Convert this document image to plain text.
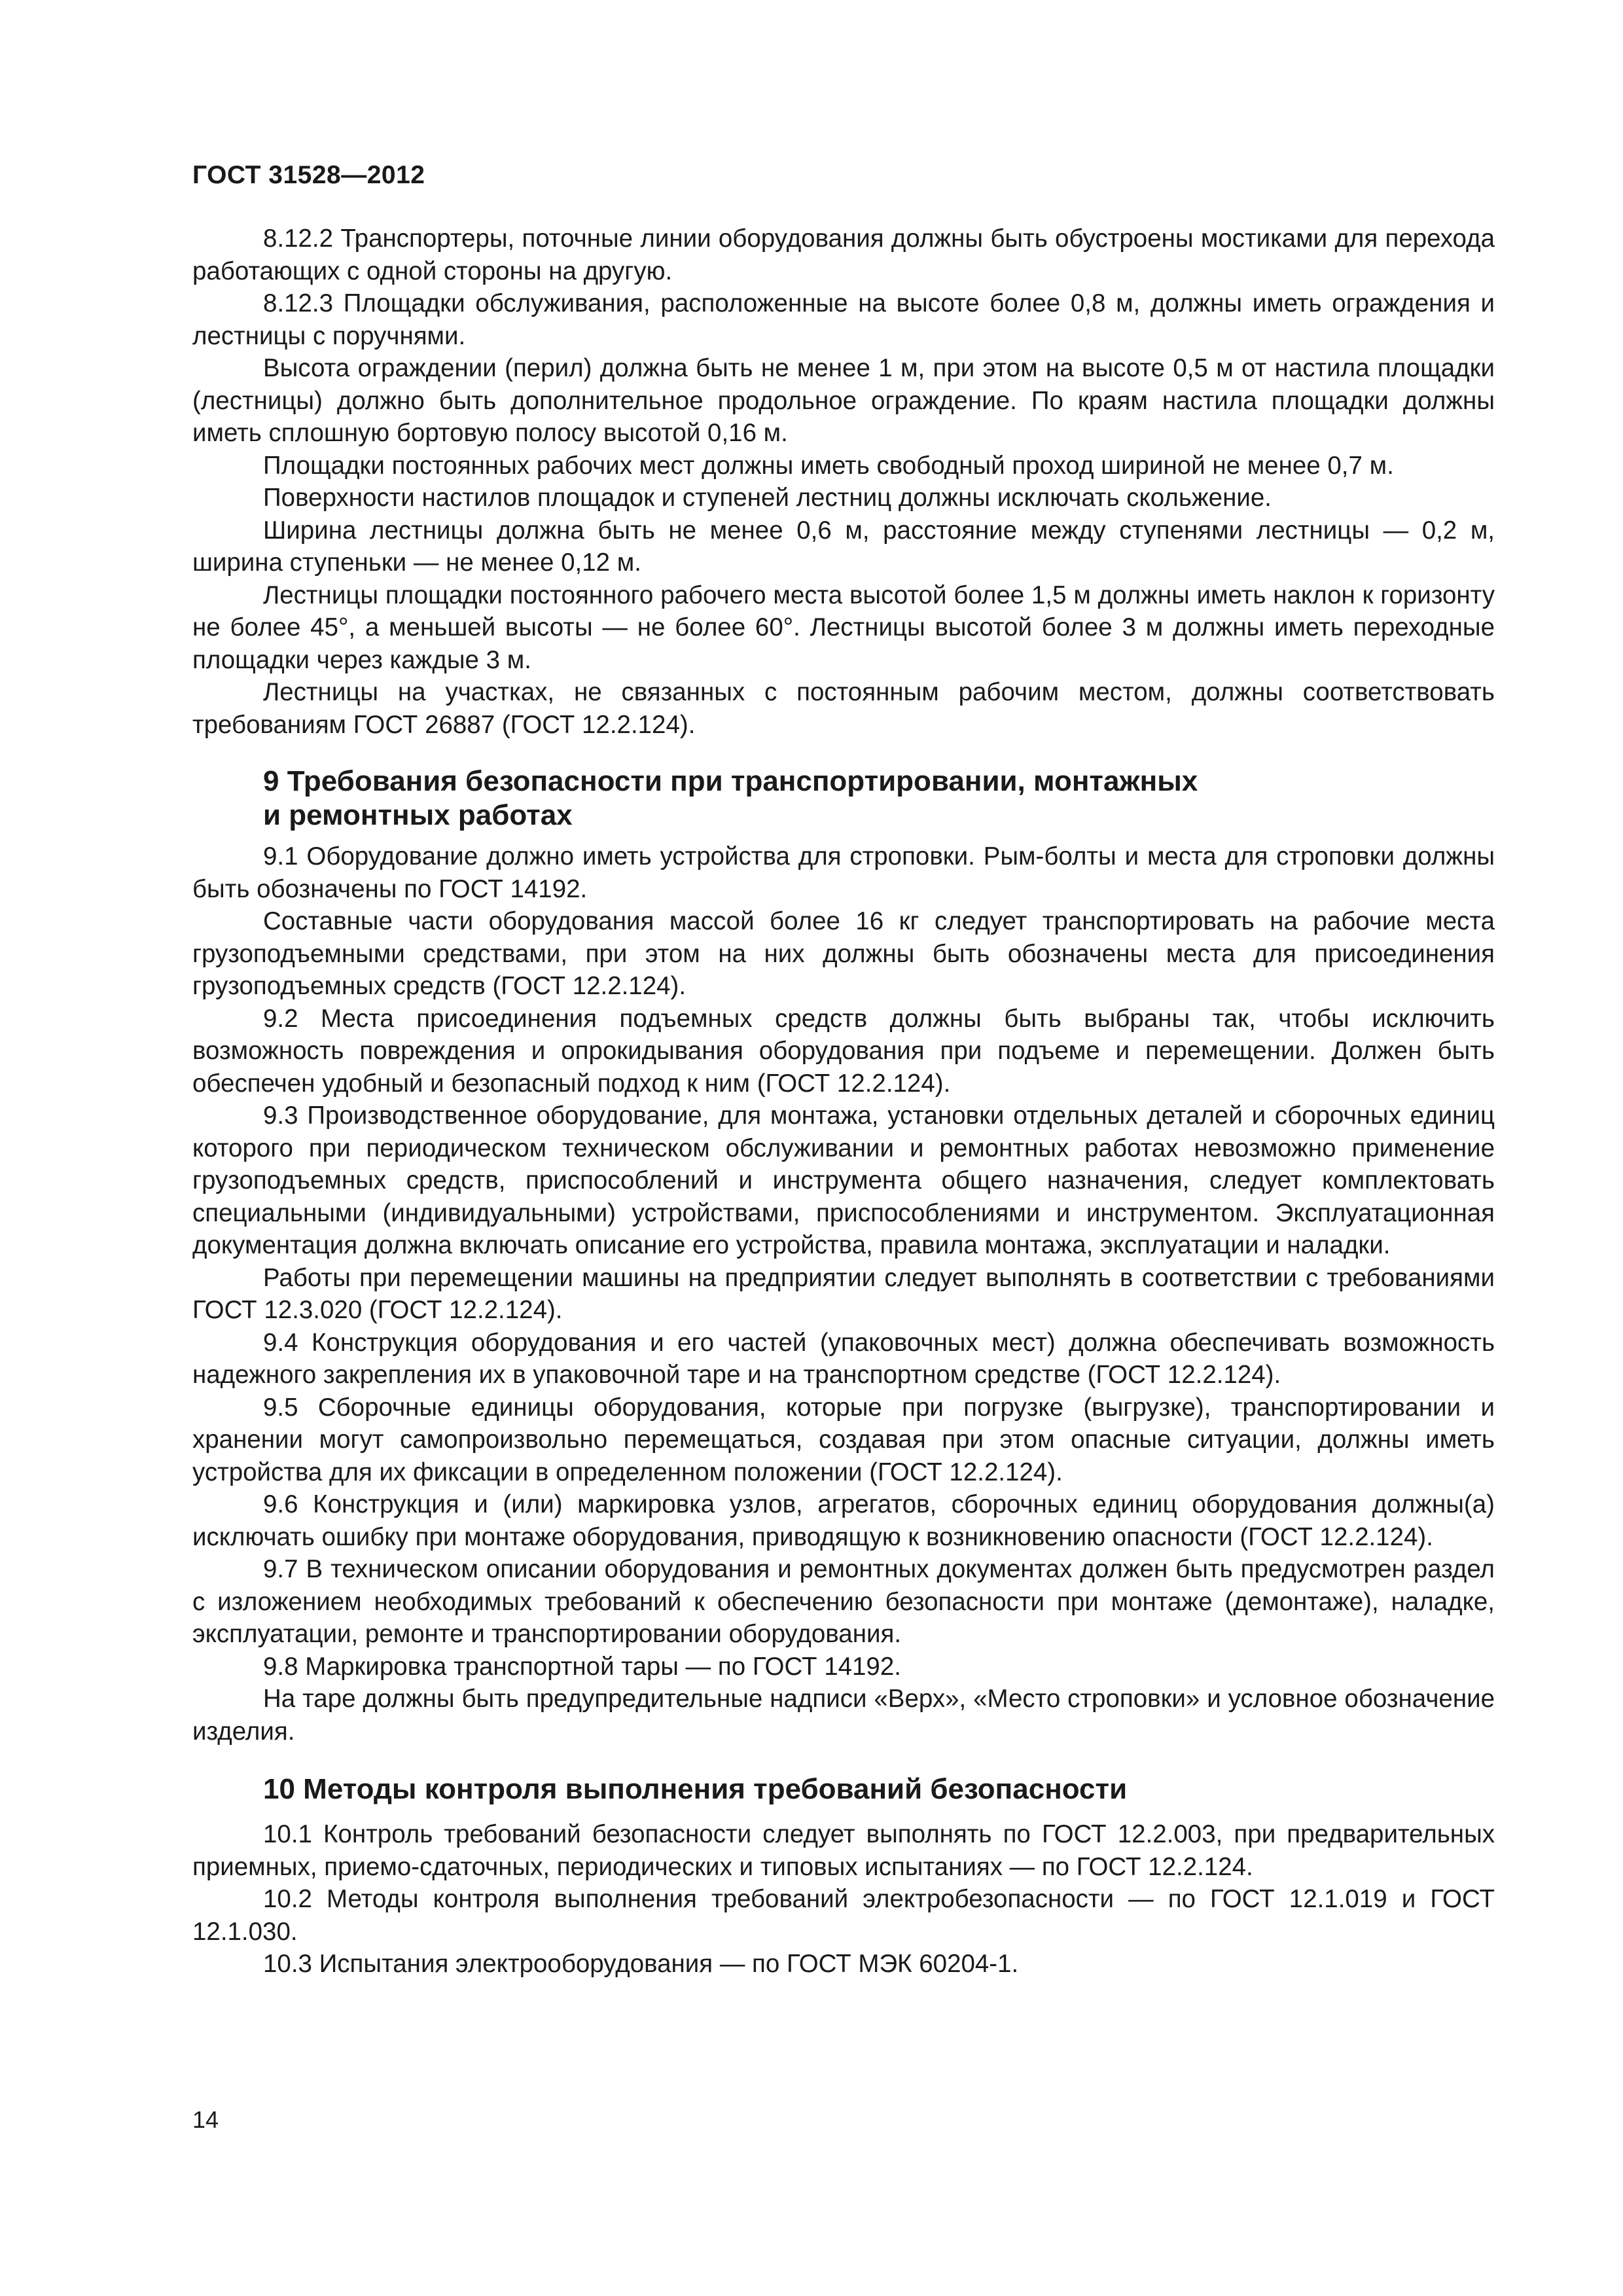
ГОСТ 31528—2012

8.12.2 Транспортеры, поточные линии оборудования должны быть обустроены мостиками для перехода работающих с одной стороны на другую.

8.12.3 Площадки обслуживания, расположенные на высоте более 0,8 м, должны иметь ограждения и лестницы с поручнями.

Высота ограждении (перил) должна быть не менее 1 м, при этом на высоте 0,5 м от настила площадки (лестницы) должно быть дополнительное продольное ограждение. По краям настила площадки должны иметь сплошную бортовую полосу высотой 0,16 м.

Площадки постоянных рабочих мест должны иметь свободный проход шириной не менее 0,7 м.

Поверхности настилов площадок и ступеней лестниц должны исключать скольжение.

Ширина лестницы должна быть не менее 0,6 м, расстояние между ступенями лестницы — 0,2 м, ширина ступеньки — не менее 0,12 м.

Лестницы площадки постоянного рабочего места высотой более 1,5 м должны иметь наклон к горизонту не более 45°, а меньшей высоты — не более 60°. Лестницы высотой более 3 м должны иметь переходные площадки через каждые 3 м.

Лестницы на участках, не связанных с постоянным рабочим местом, должны соответствовать требованиям ГОСТ 26887 (ГОСТ 12.2.124).

9 Требования безопасности при транспортировании, монтажных
и ремонтных работах

9.1 Оборудование должно иметь устройства для строповки. Рым-болты и места для строповки должны быть обозначены по ГОСТ 14192.

Составные части оборудования массой более 16 кг следует транспортировать на рабочие места грузоподъемными средствами, при этом на них должны быть обозначены места для присоединения грузоподъемных средств (ГОСТ 12.2.124).

9.2 Места присоединения подъемных средств должны быть выбраны так, чтобы исключить возможность повреждения и опрокидывания оборудования при подъеме и перемещении. Должен быть обеспечен удобный и безопасный подход к ним (ГОСТ 12.2.124).

9.3 Производственное оборудование, для монтажа, установки отдельных деталей и сборочных единиц которого при периодическом техническом обслуживании и ремонтных работах невозможно применение грузоподъемных средств, приспособлений и инструмента общего назначения, следует комплектовать специальными (индивидуальными) устройствами, приспособлениями и инструментом. Эксплуатационная документация должна включать описание его устройства, правила монтажа, эксплуатации и наладки.

Работы при перемещении машины на предприятии следует выполнять в соответствии с требованиями ГОСТ 12.3.020 (ГОСТ 12.2.124).

9.4 Конструкция оборудования и его частей (упаковочных мест) должна обеспечивать возможность надежного закрепления их в упаковочной таре и на транспортном средстве (ГОСТ 12.2.124).

9.5 Сборочные единицы оборудования, которые при погрузке (выгрузке), транспортировании и хранении могут самопроизвольно перемещаться, создавая при этом опасные ситуации, должны иметь устройства для их фиксации в определенном положении (ГОСТ 12.2.124).

9.6 Конструкция и (или) маркировка узлов, агрегатов, сборочных единиц оборудования должны(а) исключать ошибку при монтаже оборудования, приводящую к возникновению опасности (ГОСТ 12.2.124).

9.7 В техническом описании оборудования и ремонтных документах должен быть предусмотрен раздел с изложением необходимых требований к обеспечению безопасности при монтаже (демонтаже), наладке, эксплуатации, ремонте и транспортировании оборудования.

9.8 Маркировка транспортной тары — по ГОСТ 14192.

На таре должны быть предупредительные надписи «Верх», «Место строповки» и условное обозначение изделия.

10 Методы контроля выполнения требований безопасности

10.1 Контроль требований безопасности следует выполнять по ГОСТ 12.2.003, при предварительных приемных, приемо-сдаточных, периодических и типовых испытаниях — по ГОСТ 12.2.124.

10.2 Методы контроля выполнения требований электробезопасности — по ГОСТ 12.1.019 и ГОСТ 12.1.030.

10.3 Испытания электрооборудования — по ГОСТ МЭК 60204-1.

14
